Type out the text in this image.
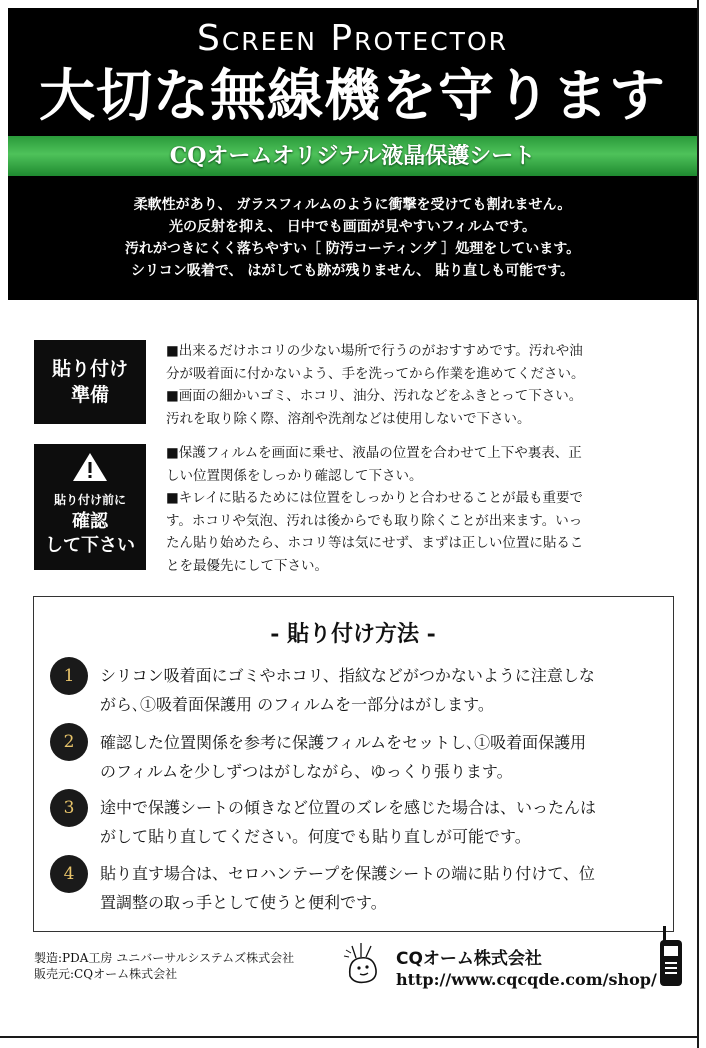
Screen Protector
大切な無線機を守ります
CQオームオリジナル液晶保護シート
柔軟性があり、 ガラスフィルムのように衝撃を受けても割れません。
光の反射を抑え、 日中でも画面が見やすいフィルムです。
汚れがつきにくく落ちやすい［ 防汚コーティング ］処理をしています。
シリコン吸着で、 はがしても跡が残りません、 貼り直しも可能です。
貼り付け
準備
■出来るだけホコリの少ない場所で行うのがおすすめです。汚れや油
分が吸着面に付かないよう、手を洗ってから作業を進めてください。
■画面の細かいゴミ、ホコリ、油分、汚れなどをふきとって下さい。
汚れを取り除く際、溶剤や洗剤などは使用しないで下さい。
貼り付け前に
確認
して下さい
■保護フィルムを画面に乗せ、液晶の位置を合わせて上下や裏表、正
しい位置関係をしっかり確認して下さい。
■キレイに貼るためには位置をしっかりと合わせることが最も重要で
す。ホコリや気泡、汚れは後からでも取り除くことが出来ます。いっ
たん貼り始めたら、ホコリ等は気にせず、まずは正しい位置に貼るこ
とを最優先にして下さい。
- 貼り付け方法 -
1	シリコン吸着面にゴミやホコリ、指紋などがつかないように注意しな
がら､①吸着面保護用 のフィルムを一部分はがします。
2	確認した位置関係を参考に保護フィルムをセットし､①吸着面保護用
のフィルムを少しずつはがしながら、ゆっくり張ります。
3	途中で保護シートの傾きなど位置のズレを感じた場合は、いったんは
がして貼り直してください。何度でも貼り直しが可能です。
4	貼り直す場合は、セロハンテープを保護シートの端に貼り付けて、位
置調整の取っ手として使うと便利です。
製造:PDA工房 ユニバーサルシステムズ株式会社
販売元:CQオーム株式会社
CQオーム株式会社
http://www.cqcqde.com/shop/
